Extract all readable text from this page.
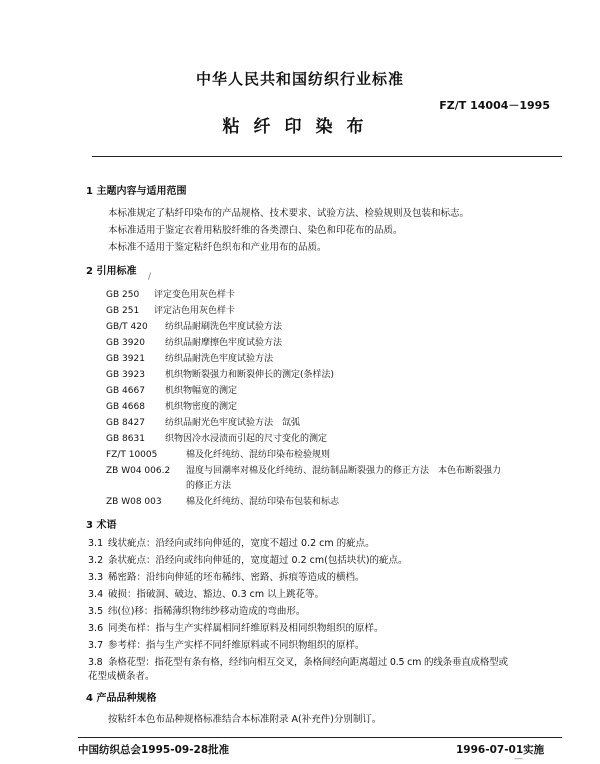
中华人民共和国纺织行业标准
FZ/T 14004－1995
粘纤印染布
1 主题内容与适用范围
本标准规定了粘纤印染布的产品规格、技术要求、试验方法、检验规则及包装和标志。
本标准适用于鉴定衣着用粘胶纤维的各类漂白、染色和印花布的品质。
本标准不适用于鉴定粘纤色织布和产业用布的品质。
2 引用标准 /
GB 250 评定变色用灰色样卡
GB 251 评定沾色用灰色样卡
GB/T 420 纺织品耐刷洗色牢度试验方法
GB 3920 纺织品耐摩擦色牢度试验方法
GB 3921 纺织品耐洗色牢度试验方法
GB 3923 机织物断裂强力和断裂伸长的测定(条样法)
GB 4667 机织物幅宽的测定
GB 4668 机织物密度的测定
GB 8427 纺织品耐光色牢度试验方法　氙弧
GB 8631 织物因冷水浸渍而引起的尺寸变化的测定
FZ/T 10005	棉及化纤纯纺、混纺印染布检验规则
ZB W04 006.2 湿度与回潮率对棉及化纤纯纺、混纺制品断裂强力的修正方法　本色布断裂强力
的修正方法
ZB W08 003	棉及化纤纯纺、混纺印染布包装和标志
3 术语
3.1 线状疵点：沿经向或纬向伸延的，宽度不超过 0.2 cm 的疵点。
3.2 条状疵点：沿经向或纬向伸延的，宽度超过 0.2 cm(包括块状)的疵点。
3.3 稀密路：沿纬向伸延的坯布稀纬、密路、拆痕等造成的横档。
3.4 破损：指破洞、破边、豁边、0.3 cm 以上跳花等。
3.5 纬(位)移：指稀薄织物纬纱移动造成的弯曲形。
3.6 同类布样：指与生产实样属相同纤维原料及相同织物组织的原样。
3.7 参考样：指与生产实样不同纤维原料或不同织物组织的原样。
3.8 条格花型：指花型有条有格，经纬向相互交叉，条格间经向距离超过 0.5 cm 的线条垂直成格型或
花型成横条者。
4 产品品种规格
按粘纤本色布品种规格标准结合本标准附录 A(补充件)分别制订。
中国纺织总会1995-09-28批准	1996-07-01实施
—
